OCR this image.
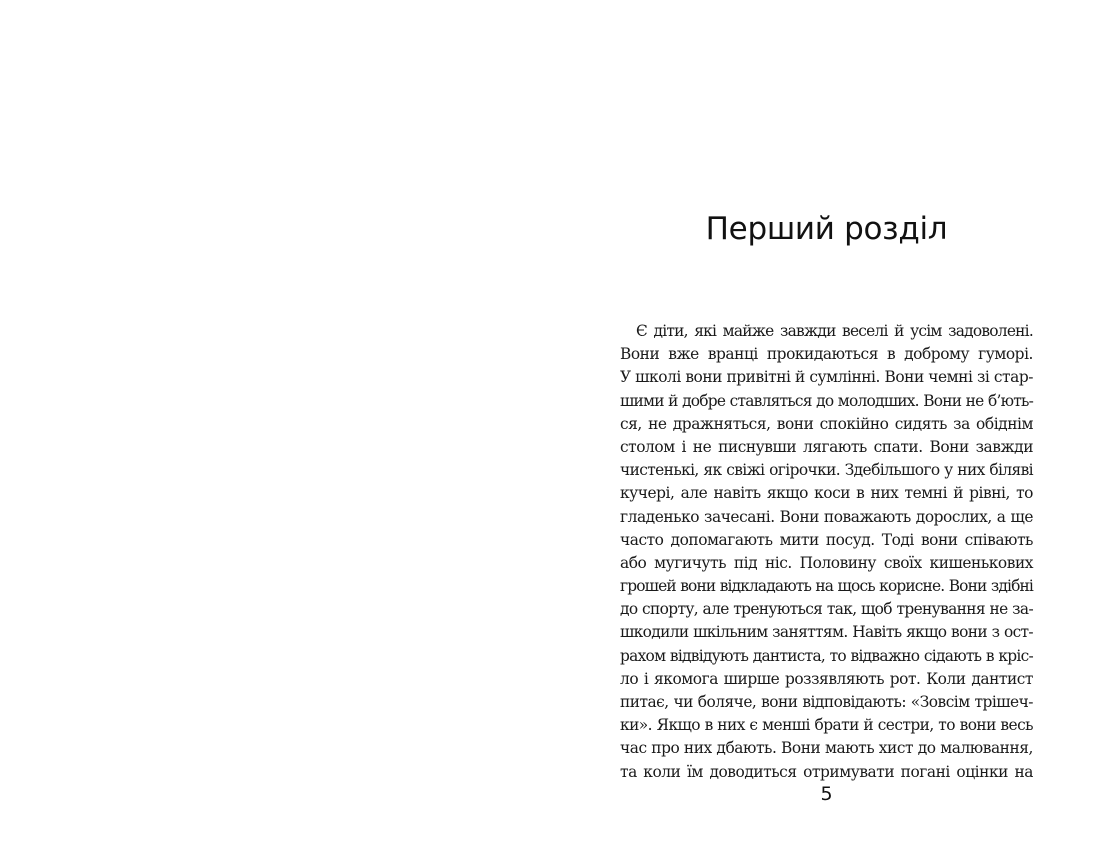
Перший розділ
Є діти, які майже завжди веселі й усім задоволені.
Вони вже вранці прокидаються в доброму гуморі.
У школі вони привітні й сумлінні. Вони чемні зі стар-
шими й добре ставляться до молодших. Вони не б’ють-
ся, не дражняться, вони спокійно сидять за обіднім
столом і не писнувши лягають спати. Вони завжди
чистенькі, як свіжі огірочки. Здебільшого у них біляві
кучері, але навіть якщо коси в них темні й рівні, то
гладенько зачесані. Вони поважають дорослих, а ще
часто допомагають мити посуд. Тоді вони співають
або мугичуть під ніс. Половину своїх кишенькових
грошей вони відкладають на щось корисне. Вони здібні
до спорту, але тренуються так, щоб тренування не за-
шкодили шкільним заняттям. Навіть якщо вони з ост-
рахом відвідують дантиста, то відважно сідають в кріс-
ло і якомога ширше роззявляють рот. Коли дантист
питає, чи боляче, вони відповідають: «Зовсім трішеч-
ки». Якщо в них є менші брати й сестри, то вони весь
час про них дбають. Вони мають хист до малювання,
та коли їм доводиться отримувати погані оцінки на
5
